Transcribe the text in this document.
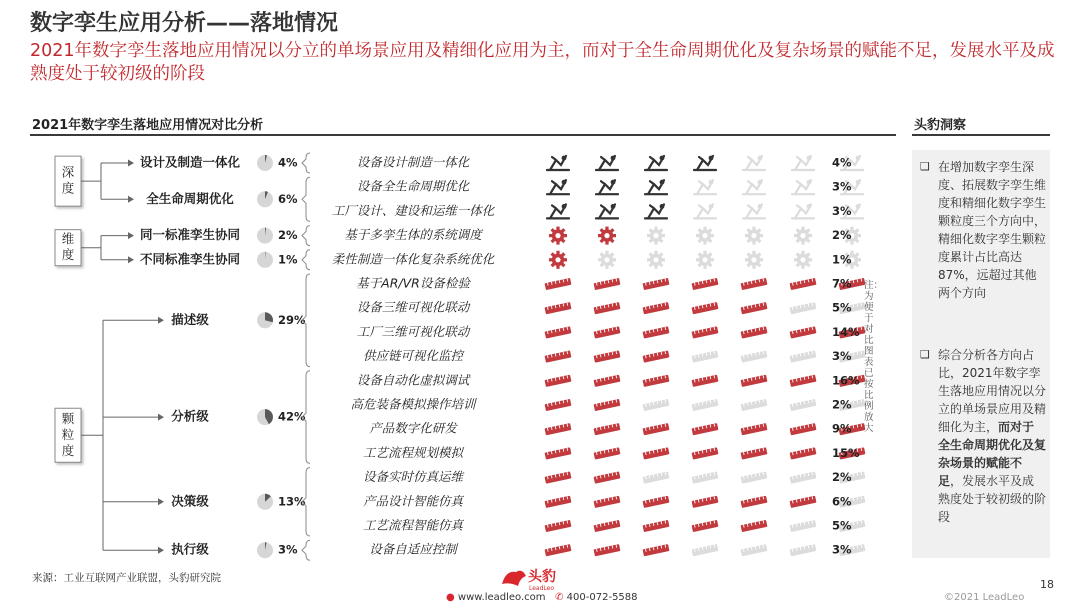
数字孪生应用分析——落地情况
2021年数字孪生落地应用情况以分立的单场景应用及精细化应用为主，而对于全生命周期优化及复杂场景的赋能不足，发展水平及成熟度处于较初级的阶段
2021年数字孪生落地应用情况对比分析	头豹洞察
深
度
设计及制造一体化	4%	设备设计制造一体化	4%
全生命周期优化	6%
设备全生命周期优化	3%
工厂设计、建设和运维一体化	3%
维
度
同一标准孪生协同	2%	基于多孪生体的系统调度	2%
不同标准孪生协同	1%	柔性制造一体化复杂系统优化	1%
颗
粒
度
描述级	29%
基于AR/VR设备检验	7%
设备三维可视化联动	5%
工厂三维可视化联动	14%
供应链可视化监控	3%
分析级	42%
设备自动化虚拟调试	16%
高危装备模拟操作培训	2%
产品数字化研发	9%
工艺流程规划模拟	15%
决策级	13%
设备实时仿真运维	2%
产品设计智能仿真	6%
工艺流程智能仿真	5%
执行级	3%	设备自适应控制	3%
注：为便于对比图表已按比例放大
❑ 在增加数字孪生深度、拓展数字孪生维度和精细化数字孪生颗粒度三个方向中，精细化数字孪生颗粒度累计占比高达87%，远超过其他两个方向
❑ 综合分析各方向占比，2021年数字孪生落地应用情况以分立的单场景应用及精细化为主，而对于全生命周期优化及复杂场景的赋能不足，发展水平及成熟度处于较初级的阶段
来源：工业互联网产业联盟，头豹研究院	头豹
LeadLeo
● www.leadleo.com ✆ 400-072-5588
18
©2021 LeadLeo
